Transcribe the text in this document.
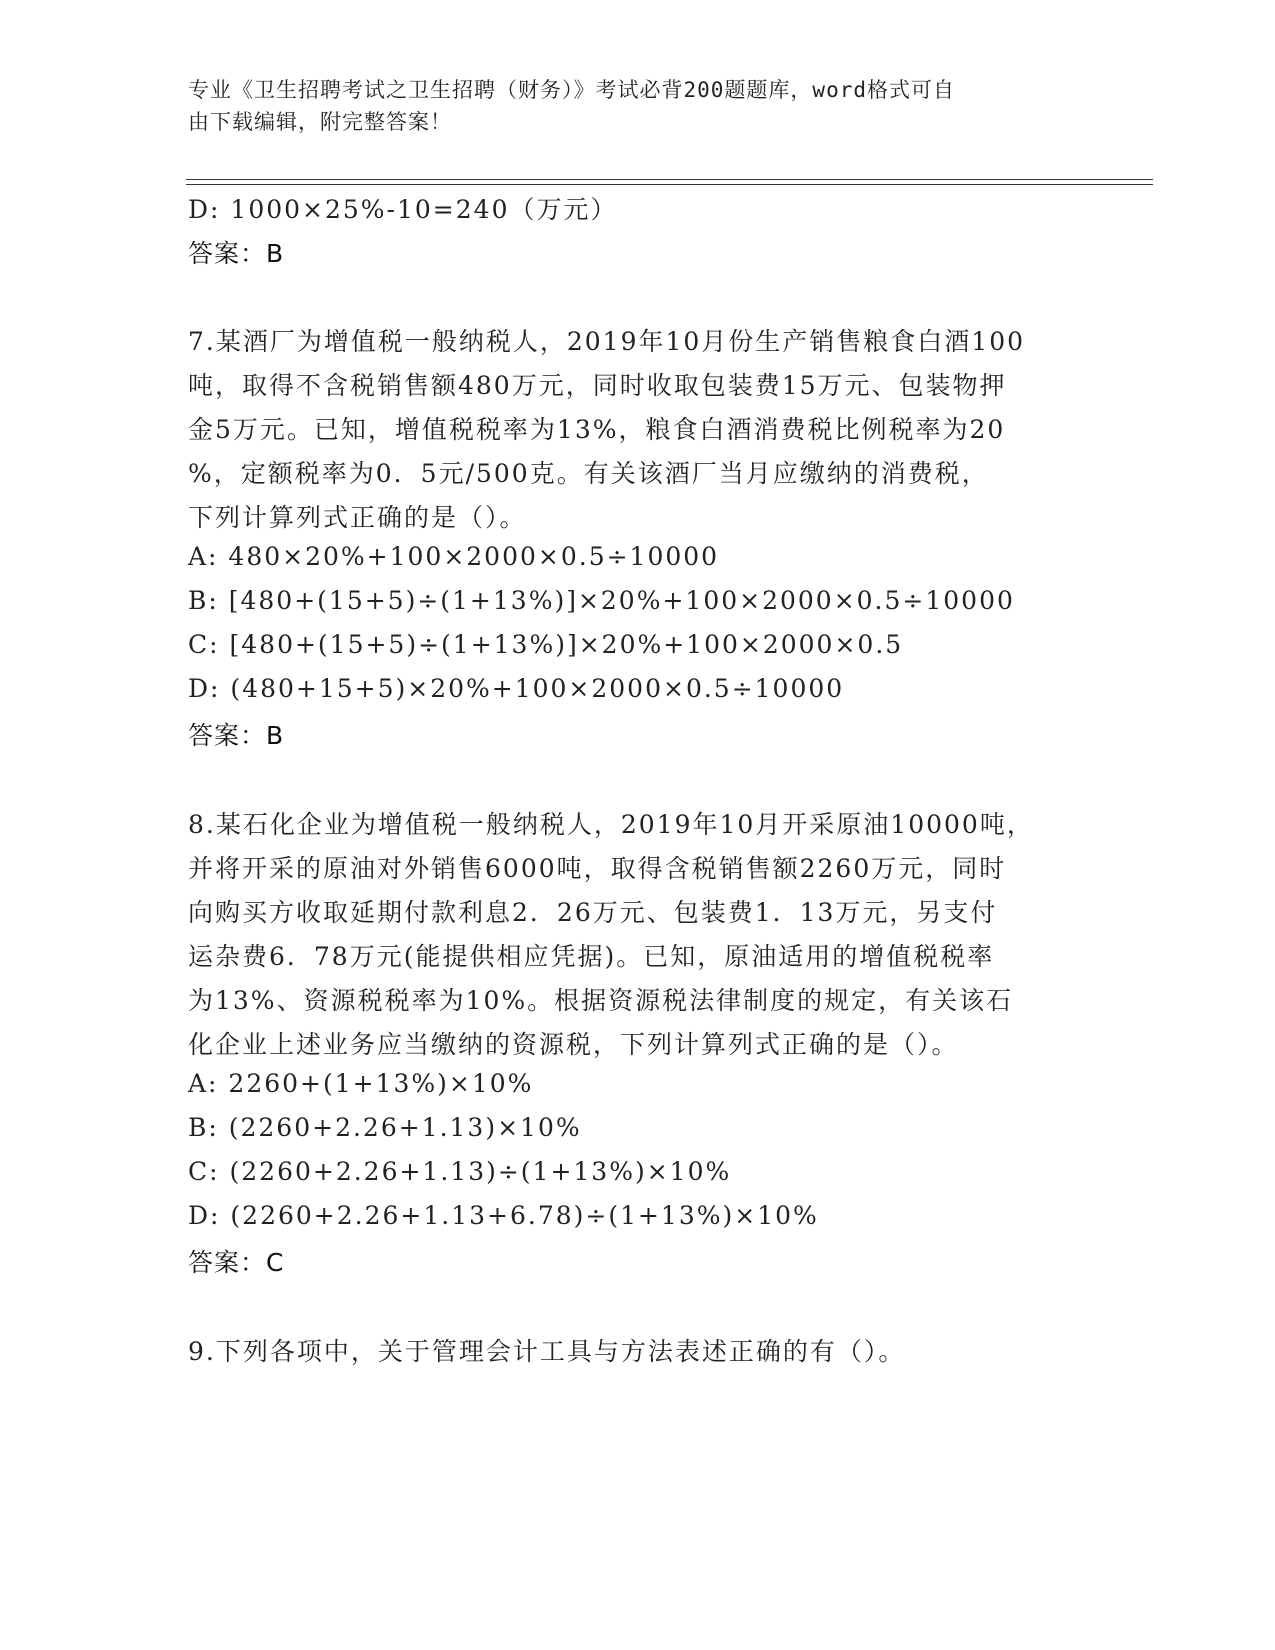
专业《卫生招聘考试之卫生招聘（财务）》考试必背200题题库，word格式可自
由下载编辑，附完整答案！
D: 1000×25%-10=240（万元）
答案：B
7.某酒厂为增值税一般纳税人，2019年10月份生产销售粮食白酒100
吨，取得不含税销售额480万元，同时收取包装费15万元、包装物押
金5万元。已知，增值税税率为13%，粮食白酒消费税比例税率为20
%，定额税率为0．5元/500克。有关该酒厂当月应缴纳的消费税，
下列计算列式正确的是（）。
A: 480×20%+100×2000×0.5÷10000
B: [480+(15+5)÷(1+13%)]×20%+100×2000×0.5÷10000
C: [480+(15+5)÷(1+13%)]×20%+100×2000×0.5
D: (480+15+5)×20%+100×2000×0.5÷10000
答案：B
8.某石化企业为增值税一般纳税人，2019年10月开采原油10000吨，
并将开采的原油对外销售6000吨，取得含税销售额2260万元，同时
向购买方收取延期付款利息2．26万元、包装费1．13万元，另支付
运杂费6．78万元(能提供相应凭据)。已知，原油适用的增值税税率
为13%、资源税税率为10%。根据资源税法律制度的规定，有关该石
化企业上述业务应当缴纳的资源税，下列计算列式正确的是（）。
A: 2260+(1+13%)×10%
B: (2260+2.26+1.13)×10%
C: (2260+2.26+1.13)÷(1+13%)×10%
D: (2260+2.26+1.13+6.78)÷(1+13%)×10%
答案：C
9.下列各项中，关于管理会计工具与方法表述正确的有（）。
